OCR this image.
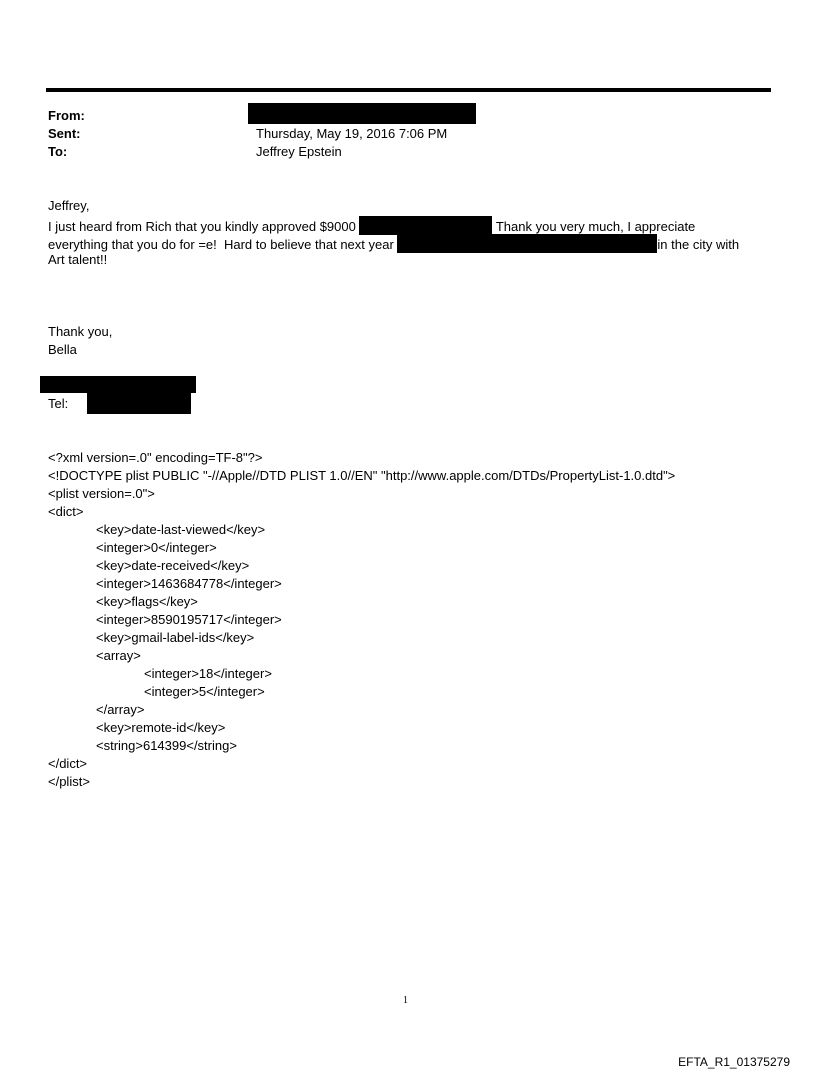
From:
Sent:	Thursday, May 19, 2016 7:06 PM
To:	Jeffrey Epstein
Jeffrey,
I just heard from Rich that you kindly approved $9000	Thank you very much, I appreciate
everything that you do for =e!  Hard to believe that next year	in the city with
Art talent!!
Thank you,
Bella
Tel:
<?xml version=.0" encoding=TF-8"?>
<!DOCTYPE plist PUBLIC "-//Apple//DTD PLIST 1.0//EN" "http://www.apple.com/DTDs/PropertyList-1.0.dtd">
<plist version=.0">
<dict>
<key>date-last-viewed</key>
<integer>0</integer>
<key>date-received</key>
<integer>1463684778</integer>
<key>flags</key>
<integer>8590195717</integer>
<key>gmail-label-ids</key>
<array>
<integer>18</integer>
<integer>5</integer>
</array>
<key>remote-id</key>
<string>614399</string>
</dict>
</plist>
1
EFTA_R1_01375279
